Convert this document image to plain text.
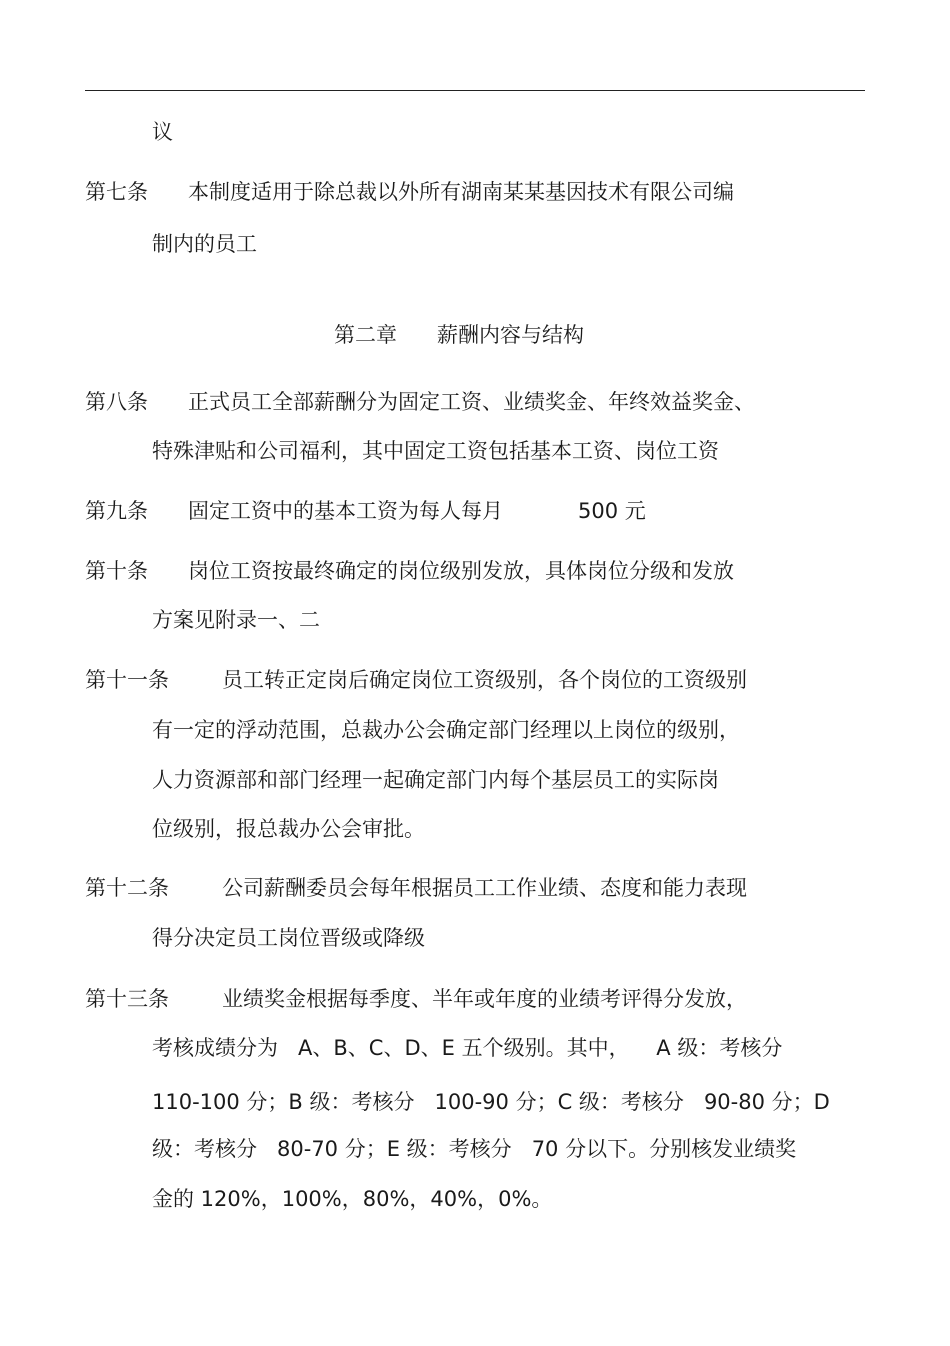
议
第七条 本制度适用于除总裁以外所有湖南某某基因技术有限公司编
制内的员工
第二章 薪酬内容与结构
第八条 正式员工全部薪酬分为固定工资、业绩奖金、年终效益奖金、
特殊津贴和公司福利，其中固定工资包括基本工资、岗位工资
第九条 固定工资中的基本工资为每人每月	500 元
第十条 岗位工资按最终确定的岗位级别发放，具体岗位分级和发放
方案见附录一、二
第十一条	员工转正定岗后确定岗位工资级别，各个岗位的工资级别
有一定的浮动范围，总裁办公会确定部门经理以上岗位的级别，
人力资源部和部门经理一起确定部门内每个基层员工的实际岗
位级别，报总裁办公会审批。
第十二条	公司薪酬委员会每年根据员工工作业绩、态度和能力表现
得分决定员工岗位晋级或降级
第十三条	业绩奖金根据每季度、半年或年度的业绩考评得分发放，
考核成绩分为   A、B、C、D、E 五个级别。其中，    A 级：考核分
110-100 分；B 级：考核分   100-90 分；C 级：考核分   90-80 分；D
级：考核分   80-70 分；E 级：考核分   70 分以下。分别核发业绩奖
金的 120%，100%，80%，40%，0%。
